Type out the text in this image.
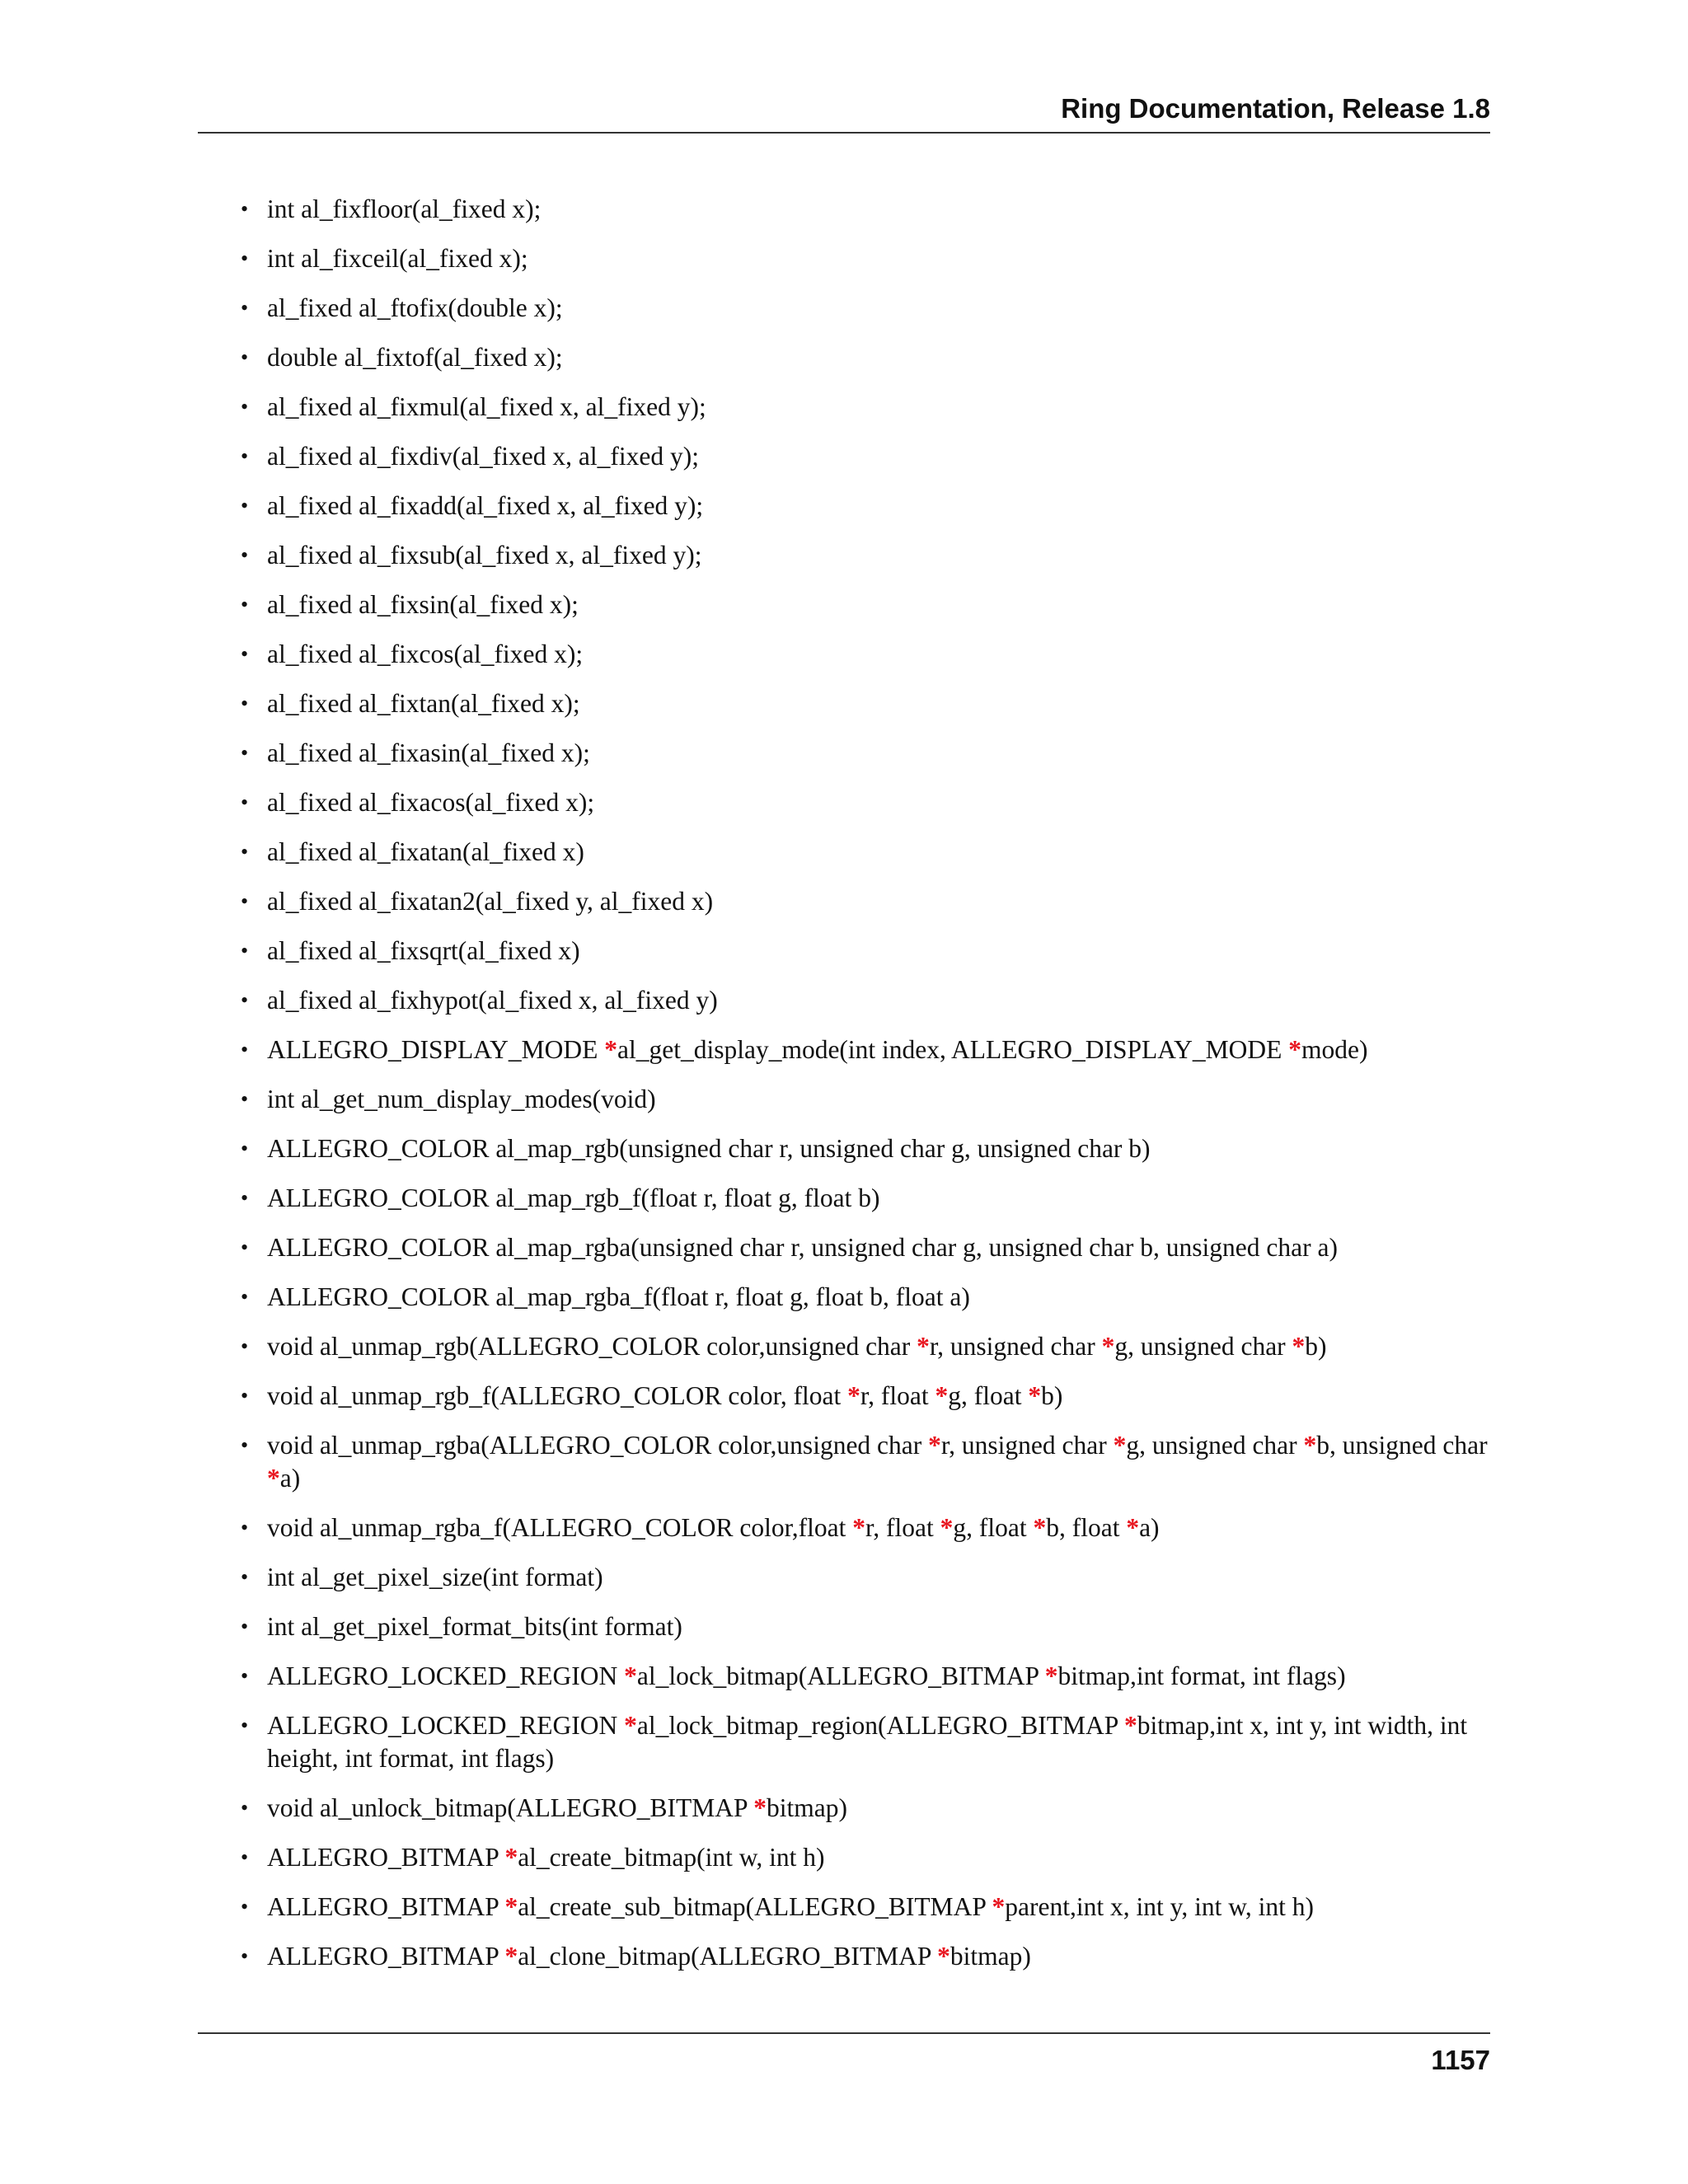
Ring Documentation, Release 1.8
• int al_fixfloor(al_fixed x);
• int al_fixceil(al_fixed x);
• al_fixed al_ftofix(double x);
• double al_fixtof(al_fixed x);
• al_fixed al_fixmul(al_fixed x, al_fixed y);
• al_fixed al_fixdiv(al_fixed x, al_fixed y);
• al_fixed al_fixadd(al_fixed x, al_fixed y);
• al_fixed al_fixsub(al_fixed x, al_fixed y);
• al_fixed al_fixsin(al_fixed x);
• al_fixed al_fixcos(al_fixed x);
• al_fixed al_fixtan(al_fixed x);
• al_fixed al_fixasin(al_fixed x);
• al_fixed al_fixacos(al_fixed x);
• al_fixed al_fixatan(al_fixed x)
• al_fixed al_fixatan2(al_fixed y, al_fixed x)
• al_fixed al_fixsqrt(al_fixed x)
• al_fixed al_fixhypot(al_fixed x, al_fixed y)
• ALLEGRO_DISPLAY_MODE *al_get_display_mode(int index, ALLEGRO_DISPLAY_MODE *mode)
• int al_get_num_display_modes(void)
• ALLEGRO_COLOR al_map_rgb(unsigned char r, unsigned char g, unsigned char b)
• ALLEGRO_COLOR al_map_rgb_f(float r, float g, float b)
• ALLEGRO_COLOR al_map_rgba(unsigned char r, unsigned char g, unsigned char b, unsigned char a)
• ALLEGRO_COLOR al_map_rgba_f(float r, float g, float b, float a)
• void al_unmap_rgb(ALLEGRO_COLOR color,unsigned char *r, unsigned char *g, unsigned char *b)
• void al_unmap_rgb_f(ALLEGRO_COLOR color, float *r, float *g, float *b)
• void al_unmap_rgba(ALLEGRO_COLOR color,unsigned char *r, unsigned char *g, unsigned char *b, unsigned char *a)
• void al_unmap_rgba_f(ALLEGRO_COLOR color,float *r, float *g, float *b, float *a)
• int al_get_pixel_size(int format)
• int al_get_pixel_format_bits(int format)
• ALLEGRO_LOCKED_REGION *al_lock_bitmap(ALLEGRO_BITMAP *bitmap,int format, int flags)
• ALLEGRO_LOCKED_REGION *al_lock_bitmap_region(ALLEGRO_BITMAP *bitmap,int x, int y, int width, int height, int format, int flags)
• void al_unlock_bitmap(ALLEGRO_BITMAP *bitmap)
• ALLEGRO_BITMAP *al_create_bitmap(int w, int h)
• ALLEGRO_BITMAP *al_create_sub_bitmap(ALLEGRO_BITMAP *parent,int x, int y, int w, int h)
• ALLEGRO_BITMAP *al_clone_bitmap(ALLEGRO_BITMAP *bitmap)
1157
